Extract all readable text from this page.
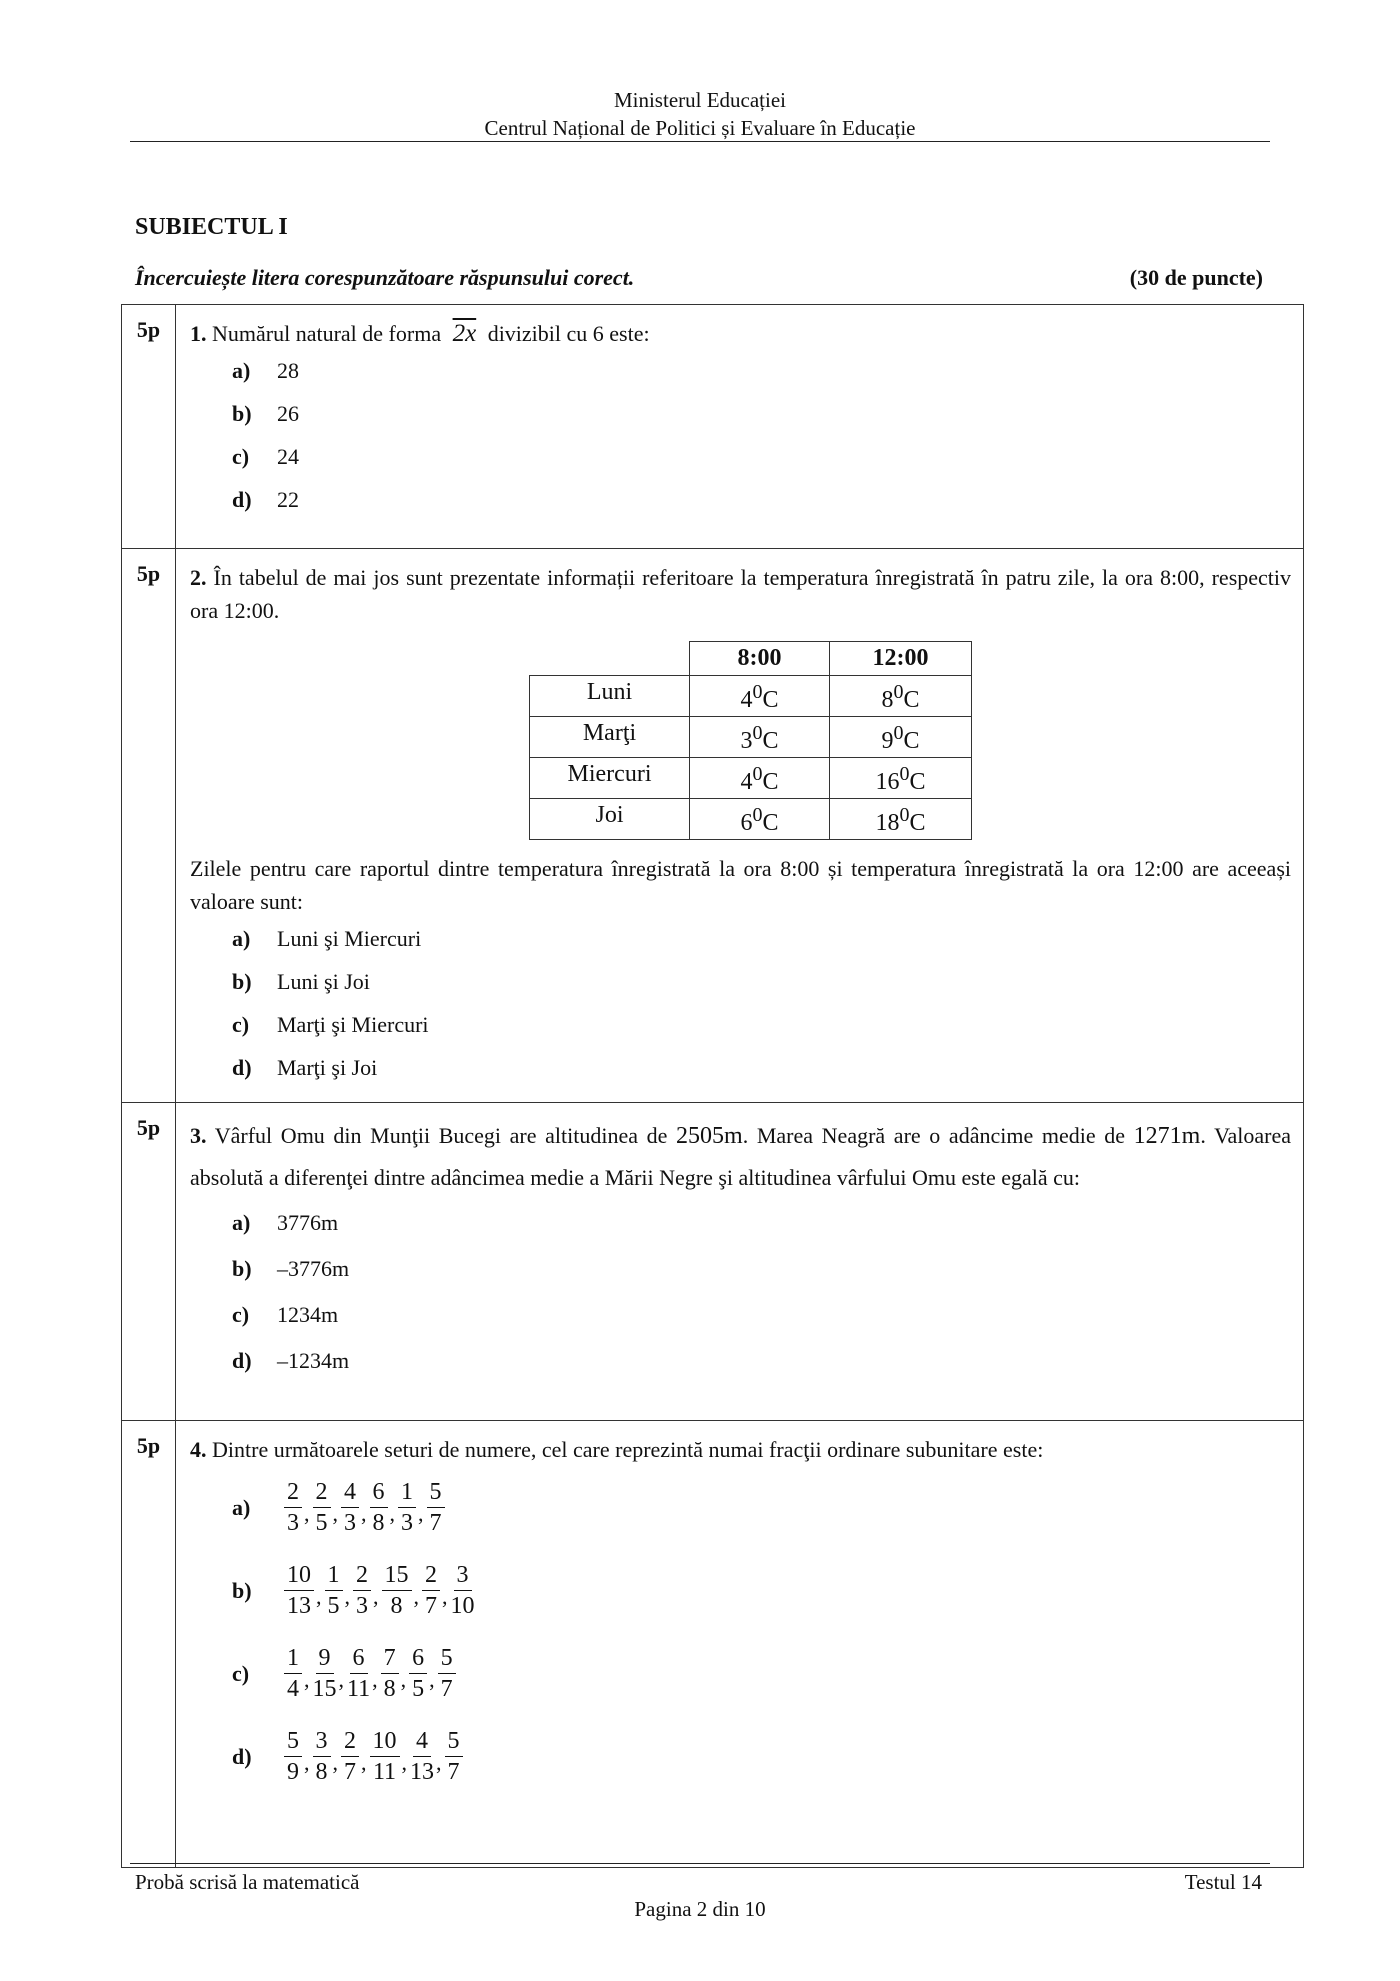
Ministerul Educației
Centrul Național de Politici și Evaluare în Educație
SUBIECTUL I
Încercuiește litera corespunzătoare răspunsului corect.	(30 de puncte)
5p	1. Numărul natural de forma 2x divizibil cu 6 este:
a)	28
b)	26
c)	24
d)	22

5p	2. În tabelul de mai jos sunt prezentate informații referitoare la temperatura înregistrată în patru zile, la ora 8:00, respectiv ora 12:00.
	8:00	12:00
Luni	$4^0C$	$8^0C$
Marţi	$3^0C$	$9^0C$
Miercuri	$4^0C$	$16^0C$
Joi	$6^0C$	$18^0C$
Zilele pentru care raportul dintre temperatura înregistrată la ora 8:00 și temperatura înregistrată la ora 12:00 are aceeași valoare sunt:
a)	Luni şi Miercuri
b)	Luni şi Joi
c)	Marţi şi Miercuri
d)	Marţi şi Joi

5p	3. Vârful Omu din Munţii Bucegi are altitudinea de 2505m. Marea Neagră are o adâncime medie de 1271m. Valoarea absolută a diferenţei dintre adâncimea medie a Mării Negre şi altitudinea vârfului Omu este egală cu:
a)	3776m
b)	–3776m
c)	1234m
d)	–1234m

5p	4. Dintre următoarele seturi de numere, cel care reprezintă numai fracţii ordinare subunitare este:
a)	$\frac{2}{3}$ , $\frac{2}{5}$ , $\frac{4}{3}$ , $\frac{6}{8}$ , $\frac{1}{3}$ , $\frac{5}{7}$
b)	$\frac{10}{13}$ , $\frac{1}{5}$ , $\frac{2}{3}$ , $\frac{15}{8}$ , $\frac{2}{7}$ , $\frac{3}{10}$
c)	$\frac{1}{4}$ , $\frac{9}{15}$ , $\frac{6}{11}$ , $\frac{7}{8}$ , $\frac{6}{5}$ , $\frac{5}{7}$
d)	$\frac{5}{9}$ , $\frac{3}{8}$ , $\frac{2}{7}$ , $\frac{10}{11}$ , $\frac{4}{13}$ , $\frac{5}{7}$
Probă scrisă la matematică	Testul 14
Pagina 2 din 10
